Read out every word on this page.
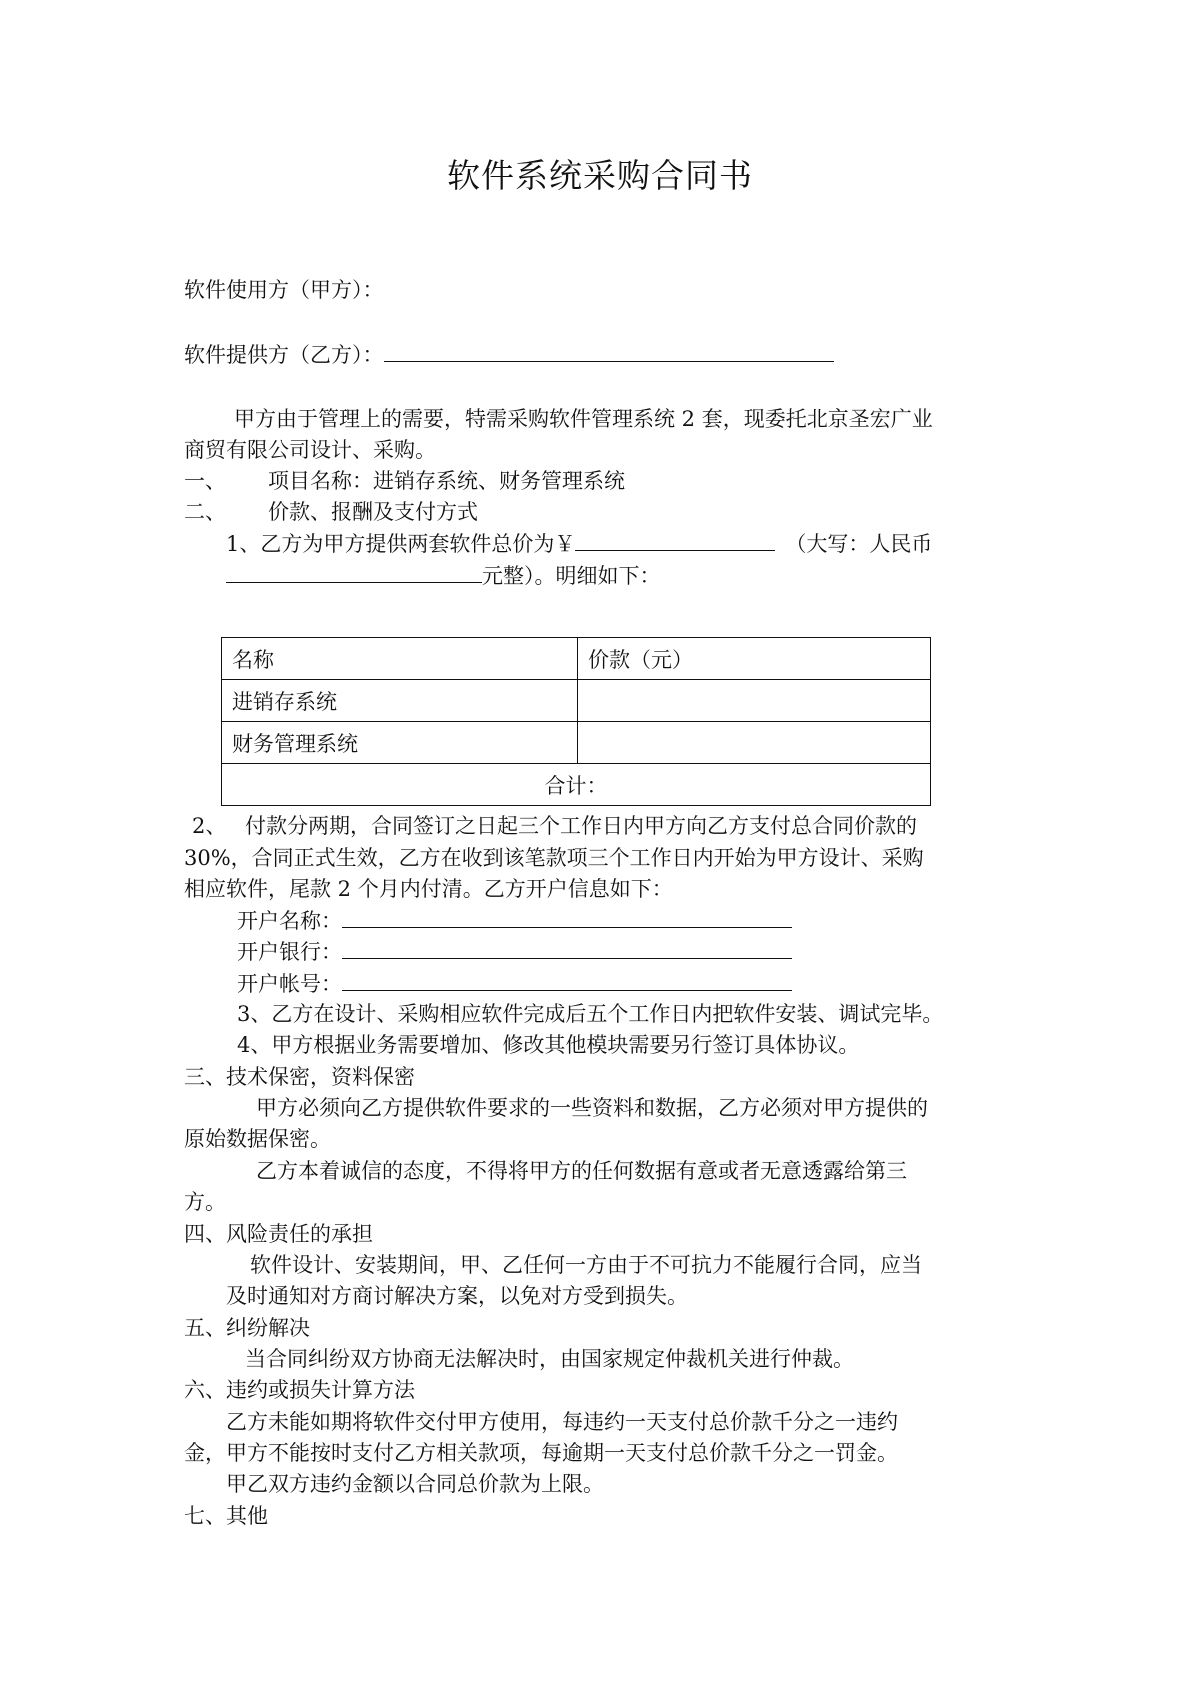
软件系统采购合同书
软件使用方（甲方）：
软件提供方（乙方）：
甲方由于管理上的需要，特需采购软件管理系统 2 套，现委托北京圣宏广业
商贸有限公司设计、采购。
一、 项目名称：进销存系统、财务管理系统
二、 价款、报酬及支付方式
1、乙方为甲方提供两套软件总价为￥	（大写：人民币
元整）。明细如下：
名称	价款（元）
进销存系统	
财务管理系统	
合计：	
2、 付款分两期，合同签订之日起三个工作日内甲方向乙方支付总合同价款的
30%，合同正式生效，乙方在收到该笔款项三个工作日内开始为甲方设计、采购
相应软件，尾款 2 个月内付清。乙方开户信息如下：
开户名称：
开户银行：
开户帐号：
3、乙方在设计、采购相应软件完成后五个工作日内把软件安装、调试完毕。
4、甲方根据业务需要增加、修改其他模块需要另行签订具体协议。
三、技术保密，资料保密
甲方必须向乙方提供软件要求的一些资料和数据，乙方必须对甲方提供的
原始数据保密。
乙方本着诚信的态度，不得将甲方的任何数据有意或者无意透露给第三
方。
四、风险责任的承担
软件设计、安装期间，甲、乙任何一方由于不可抗力不能履行合同，应当
及时通知对方商讨解决方案，以免对方受到损失。
五、纠纷解决
当合同纠纷双方协商无法解决时，由国家规定仲裁机关进行仲裁。
六、违约或损失计算方法
乙方未能如期将软件交付甲方使用，每违约一天支付总价款千分之一违约
金，甲方不能按时支付乙方相关款项，每逾期一天支付总价款千分之一罚金。
甲乙双方违约金额以合同总价款为上限。
七、其他
